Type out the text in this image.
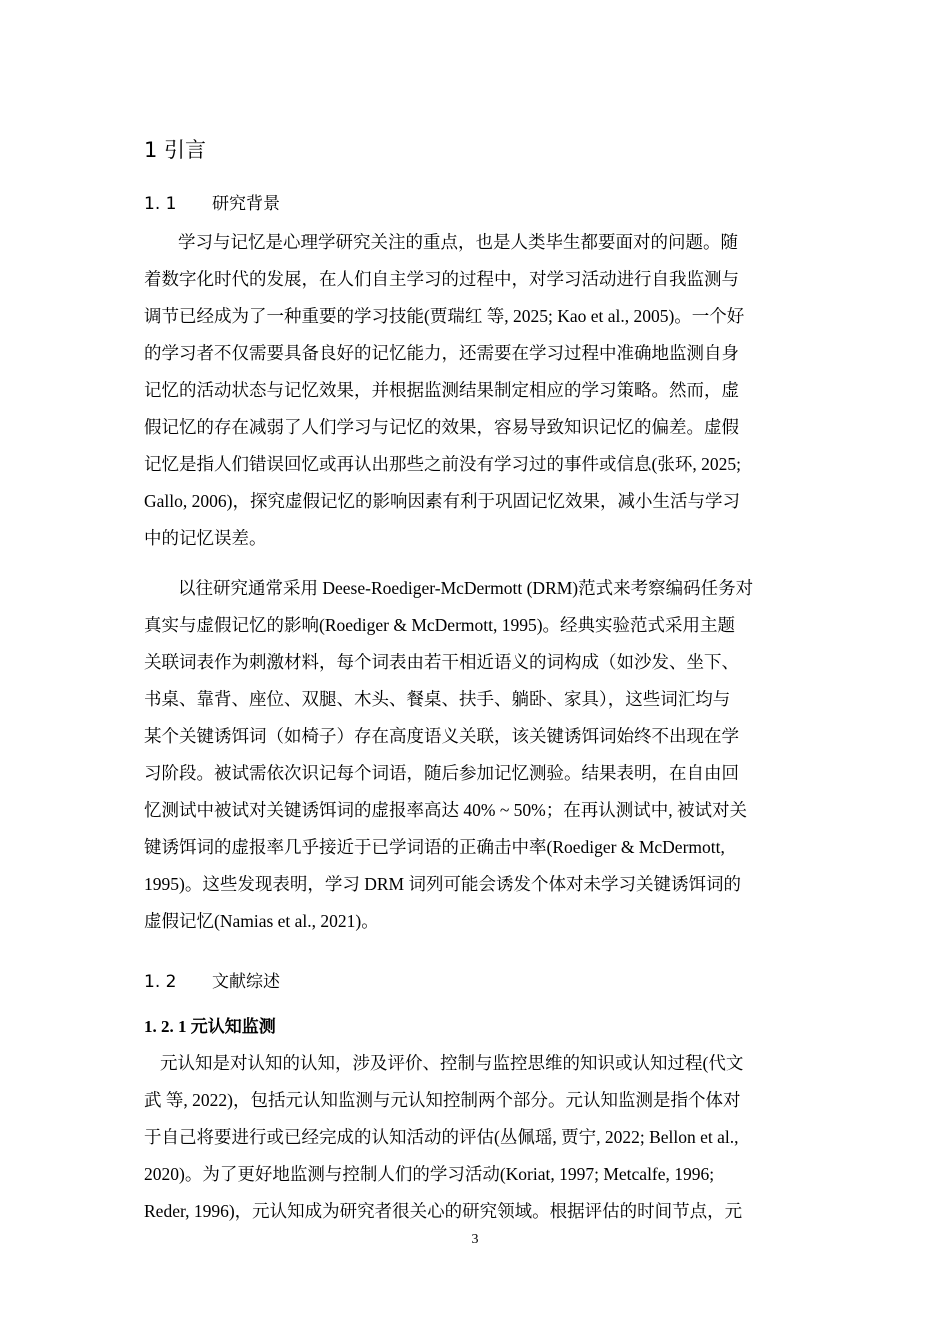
1 引言
1. 1 研究背景
学习与记忆是心理学研究关注的重点，也是人类毕生都要面对的问题。随
着数字化时代的发展，在人们自主学习的过程中，对学习活动进行自我监测与
调节已经成为了一种重要的学习技能(贾瑞红 等, 2025; Kao et al., 2005)。一个好
的学习者不仅需要具备良好的记忆能力，还需要在学习过程中准确地监测自身
记忆的活动状态与记忆效果，并根据监测结果制定相应的学习策略。然而，虚
假记忆的存在减弱了人们学习与记忆的效果，容易导致知识记忆的偏差。虚假
记忆是指人们错误回忆或再认出那些之前没有学习过的事件或信息(张环, 2025;
Gallo, 2006)，探究虚假记忆的影响因素有利于巩固记忆效果，减小生活与学习
中的记忆误差。
以往研究通常采用 Deese-Roediger-McDermott (DRM)范式来考察编码任务对
真实与虚假记忆的影响(Roediger & McDermott, 1995)。经典实验范式采用主题
关联词表作为刺激材料，每个词表由若干相近语义的词构成（如沙发、坐下、
书桌、靠背、座位、双腿、木头、餐桌、扶手、躺卧、家具），这些词汇均与
某个关键诱饵词（如椅子）存在高度语义关联，该关键诱饵词始终不出现在学
习阶段。被试需依次识记每个词语，随后参加记忆测验。结果表明，在自由回
忆测试中被试对关键诱饵词的虚报率高达 40% ~ 50%；在再认测试中, 被试对关
键诱饵词的虚报率几乎接近于已学词语的正确击中率(Roediger & McDermott,
1995)。这些发现表明，学习 DRM 词列可能会诱发个体对未学习关键诱饵词的
虚假记忆(Namias et al., 2021)。
1. 2 文献综述
1. 2. 1 元认知监测
元认知是对认知的认知，涉及评价、控制与监控思维的知识或认知过程(代文
武 等, 2022)，包括元认知监测与元认知控制两个部分。元认知监测是指个体对
于自己将要进行或已经完成的认知活动的评估(丛佩瑶, 贾宁, 2022; Bellon et al.,
2020)。为了更好地监测与控制人们的学习活动(Koriat, 1997; Metcalfe, 1996;
Reder, 1996)，元认知成为研究者很关心的研究领域。根据评估的时间节点，元
3
